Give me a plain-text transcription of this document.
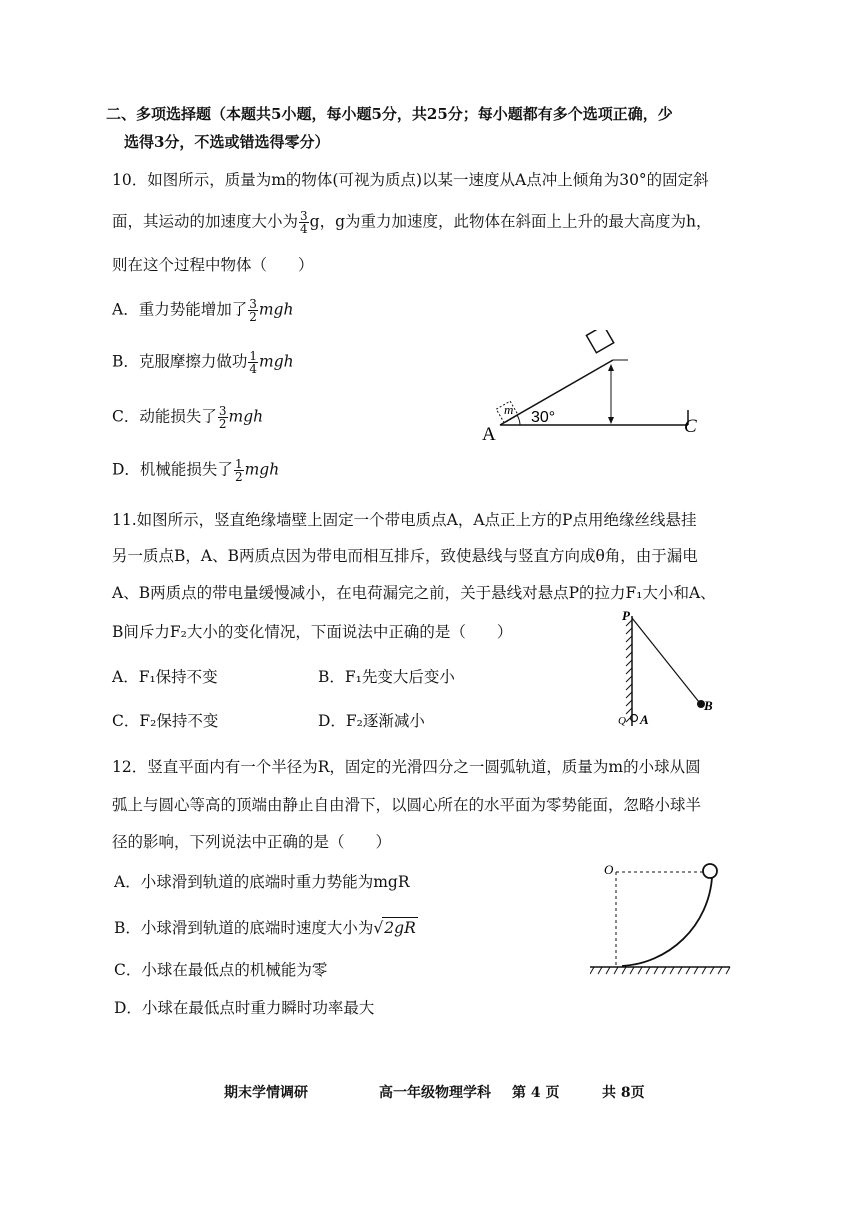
二、多项选择题（本题共5小题，每小题5分，共25分；每小题都有多个选项正确，少
选得3分，不选或错选得零分）
10．如图所示，质量为m的物体(可视为质点)以某一速度从A点冲上倾角为30°的固定斜
面，其运动的加速度大小为 $\frac{3}{4}$ g，g为重力加速度，此物体在斜面上上升的最大高度为h，
则在这个过程中物体（　　）
A．重力势能增加了 $\frac{3}{2}$ mgh
B．克服摩擦力做功 $\frac{1}{4}$ mgh
C．动能损失了 $\frac{3}{2}$ mgh
D．机械能损失了 $\frac{1}{2}$ mgh
m 30°
A	C
11.如图所示，竖直绝缘墙壁上固定一个带电质点A，A点正上方的P点用绝缘丝线悬挂
另一质点B，A、B两质点因为带电而相互排斥，致使悬线与竖直方向成θ角，由于漏电
A、B两质点的带电量缓慢减小，在电荷漏完之前，关于悬线对悬点P的拉力F₁大小和A、
B间斥力F₂大小的变化情况，下面说法中正确的是（　　）
A．F₁保持不变	B．F₁先变大后变小
C．F₂保持不变	D．F₂逐渐减小
P
B
A
Q
12．竖直平面内有一个半径为R，固定的光滑四分之一圆弧轨道，质量为m的小球从圆
弧上与圆心等高的顶端由静止自由滑下，以圆心所在的水平面为零势能面，忽略小球半
径的影响，下列说法中正确的是（　　）
A．小球滑到轨道的底端时重力势能为mgR
B．小球滑到轨道的底端时速度大小为√2gR
C．小球在最低点的机械能为零
D．小球在最低点时重力瞬时功率最大
O
期末学情调研	高一年级物理学科 第 4 页	共 8页
